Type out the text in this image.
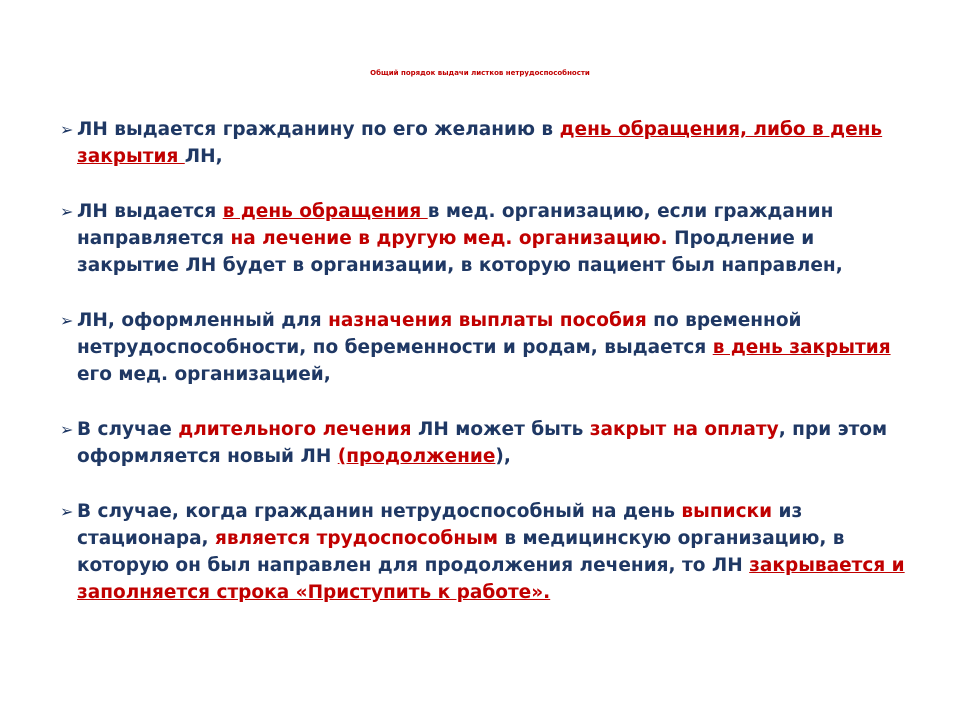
Общий порядок выдачи листков нетрудоспособности
➢ ЛН выдается гражданину по его желанию в день обращения, либо в день закрытия ЛН,
➢ ЛН выдается в день обращения в мед. организацию, если гражданин направляется на лечение в другую мед. организацию. Продление и закрытие ЛН будет в организации, в которую пациент был направлен,
➢ ЛН, оформленный для назначения выплаты пособия по временной нетрудоспособности, по беременности и родам, выдается в день закрытия его мед. организацией,
➢ В случае длительного лечения ЛН может быть закрыт на оплату, при этом оформляется новый ЛН (продолжение),
➢ В случае, когда гражданин нетрудоспособный на день выписки из стационара, является трудоспособным в медицинскую организацию, в которую он был направлен для продолжения лечения, то ЛН закрывается и заполняется строка «Приступить к работе».
